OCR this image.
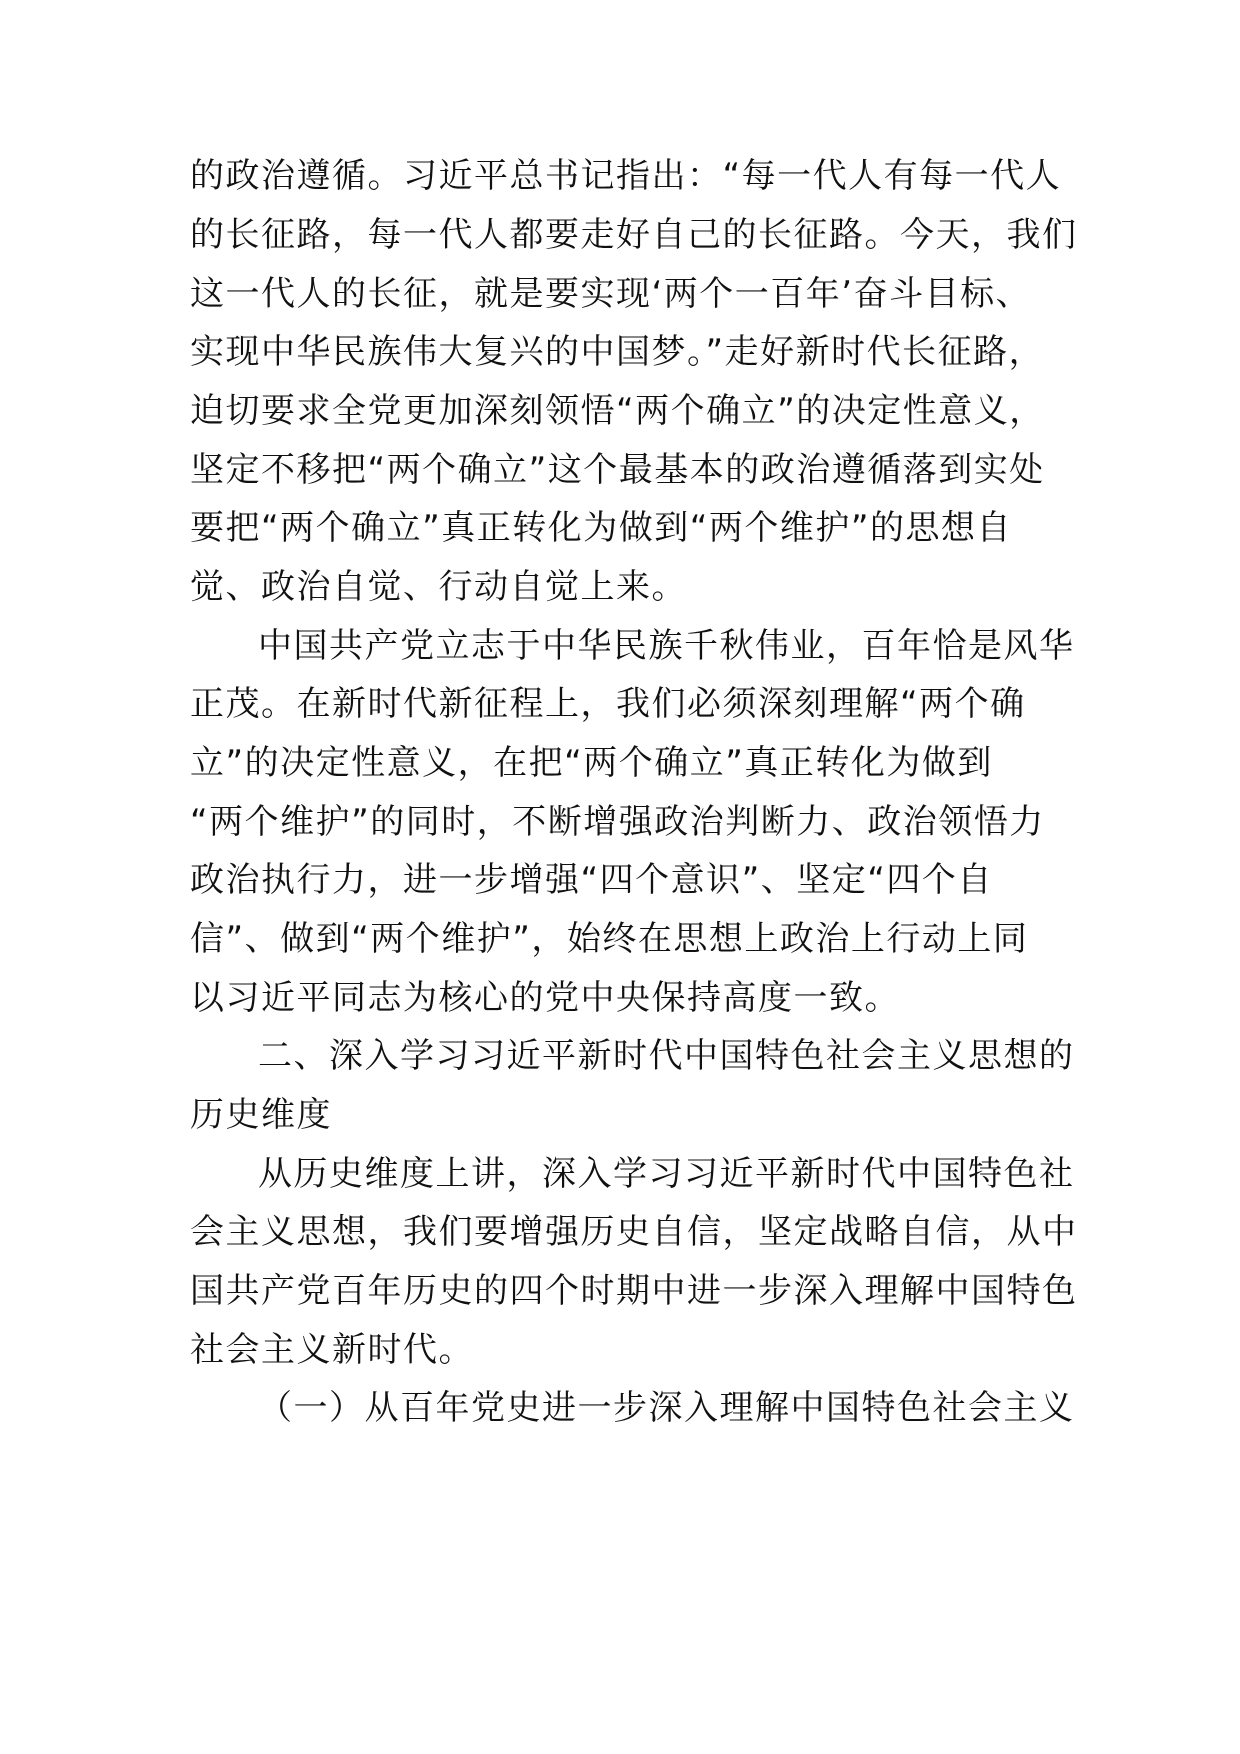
的政治遵循。习近平总书记指出：“每一代人有每一代人
的长征路，每一代人都要走好自己的长征路。今天，我们
这一代人的长征，就是要实现‘两个一百年’奋斗目标、
实现中华民族伟大复兴的中国梦。”走好新时代长征路，
迫切要求全党更加深刻领悟“两个确立”的决定性意义，
坚定不移把“两个确立”这个最基本的政治遵循落到实处
要把“两个确立”真正转化为做到“两个维护”的思想自
觉、政治自觉、行动自觉上来。
中国共产党立志于中华民族千秋伟业，百年恰是风华
正茂。在新时代新征程上，我们必须深刻理解“两个确
立”的决定性意义，在把“两个确立”真正转化为做到
“两个维护”的同时，不断增强政治判断力、政治领悟力
政治执行力，进一步增强“四个意识”、坚定“四个自
信”、做到“两个维护”，始终在思想上政治上行动上同
以习近平同志为核心的党中央保持高度一致。
二、深入学习习近平新时代中国特色社会主义思想的
历史维度
从历史维度上讲，深入学习习近平新时代中国特色社
会主义思想，我们要增强历史自信，坚定战略自信，从中
国共产党百年历史的四个时期中进一步深入理解中国特色
社会主义新时代。
（一）从百年党史进一步深入理解中国特色社会主义
